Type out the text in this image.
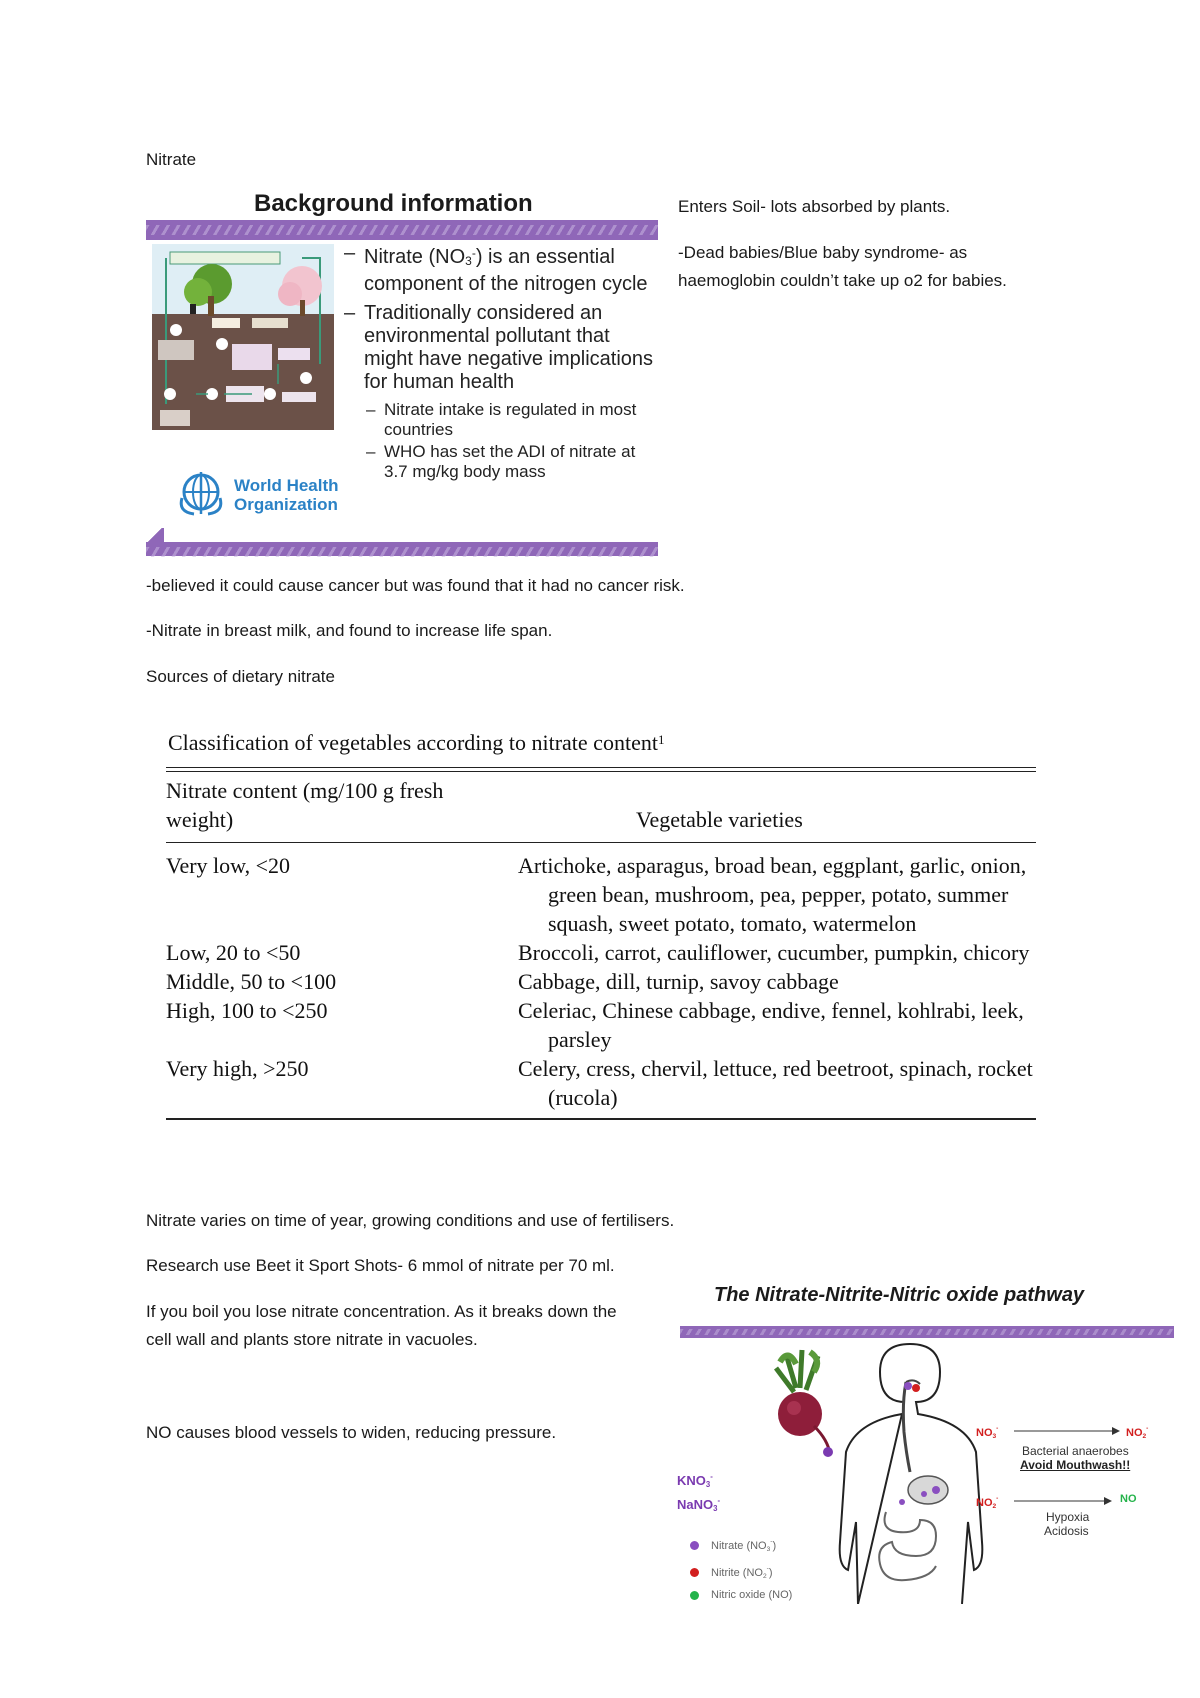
Nitrate
Background information
World Health
Organization
– Nitrate $(NO_3^-)$ is an essential component of the nitrogen cycle
– Traditionally considered an environmental pollutant that might have negative implications for human health
– Nitrate intake is regulated in most countries
– WHO has set the ADI of nitrate at 3.7 mg/kg body mass
Enters Soil- lots absorbed by plants.
-Dead babies/Blue baby syndrome- as haemoglobin couldn’t take up o2 for babies.
-believed it could cause cancer but was found that it had no cancer risk.
-Nitrate in breast milk, and found to increase life span.
Sources of dietary nitrate
Classification of vegetables according to nitrate content$^1$
Nitrate content (mg/100 g fresh weight)	Vegetable varieties
Very low, <20	Artichoke, asparagus, broad bean, eggplant, garlic, onion, green bean, mushroom, pea, pepper, potato, summer squash, sweet potato, tomato, watermelon
Low, 20 to <50	Broccoli, carrot, cauliflower, cucumber, pumpkin, chicory
Middle, 50 to <100	Cabbage, dill, turnip, savoy cabbage
High, 100 to <250	Celeriac, Chinese cabbage, endive, fennel, kohlrabi, leek, parsley
Very high, >250	Celery, cress, chervil, lettuce, red beetroot, spinach, rocket (rucola)
Nitrate varies on time of year, growing conditions and use of fertilisers.
Research use Beet it Sport Shots- 6 mmol of nitrate per 70 ml.
If you boil you lose nitrate concentration. As it breaks down the cell wall and plants store nitrate in vacuoles.
NO causes blood vessels to widen, reducing pressure.
The Nitrate-Nitrite-Nitric oxide pathway
$KNO_3^-$
NaNO$_3$-
$NO_3^-$	$NO_2^-$
Bacterial anaerobes
Avoid Mouthwash!!
$NO_2^-$	NO
Hypoxia
Acidosis
Nitrate $(NO_3^-)$
Nitrite $(NO_2^-)$
Nitric oxide (NO)
